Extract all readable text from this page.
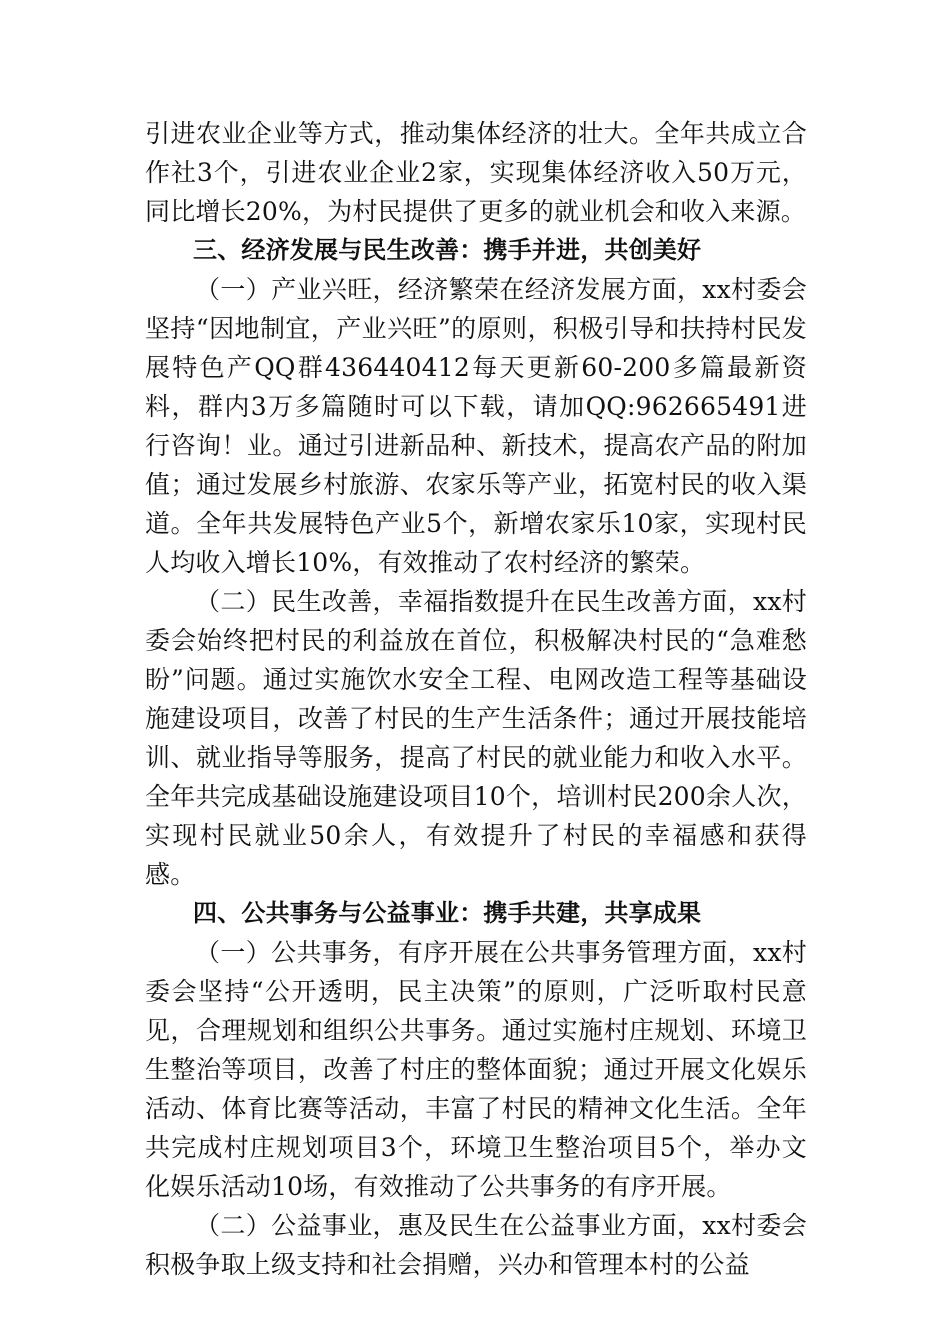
引进农业企业等方式，推动集体经济的壮大。全年共成立合作社3个，引进农业企业2家，实现集体经济收入50万元，同比增长20%，为村民提供了更多的就业机会和收入来源。

三、经济发展与民生改善：携手并进，共创美好

（一）产业兴旺，经济繁荣在经济发展方面，xx村委会坚持“因地制宜，产业兴旺”的原则，积极引导和扶持村民发展特色产QQ群436440412每天更新60-200多篇最新资料，群内3万多篇随时可以下载，请加QQ:962665491进行咨询！业。通过引进新品种、新技术，提高农产品的附加值；通过发展乡村旅游、农家乐等产业，拓宽村民的收入渠道。全年共发展特色产业5个，新增农家乐10家，实现村民人均收入增长10%，有效推动了农村经济的繁荣。

（二）民生改善，幸福指数提升在民生改善方面，xx村委会始终把村民的利益放在首位，积极解决村民的“急难愁盼”问题。通过实施饮水安全工程、电网改造工程等基础设施建设项目，改善了村民的生产生活条件；通过开展技能培训、就业指导等服务，提高了村民的就业能力和收入水平。全年共完成基础设施建设项目10个，培训村民200余人次，实现村民就业50余人，有效提升了村民的幸福感和获得感。

四、公共事务与公益事业：携手共建，共享成果

（一）公共事务，有序开展在公共事务管理方面，xx村委会坚持“公开透明，民主决策”的原则，广泛听取村民意见，合理规划和组织公共事务。通过实施村庄规划、环境卫生整治等项目，改善了村庄的整体面貌；通过开展文化娱乐活动、体育比赛等活动，丰富了村民的精神文化生活。全年共完成村庄规划项目3个，环境卫生整治项目5个，举办文化娱乐活动10场，有效推动了公共事务的有序开展。

（二）公益事业，惠及民生在公益事业方面，xx村委会积极争取上级支持和社会捐赠，兴办和管理本村的公益
